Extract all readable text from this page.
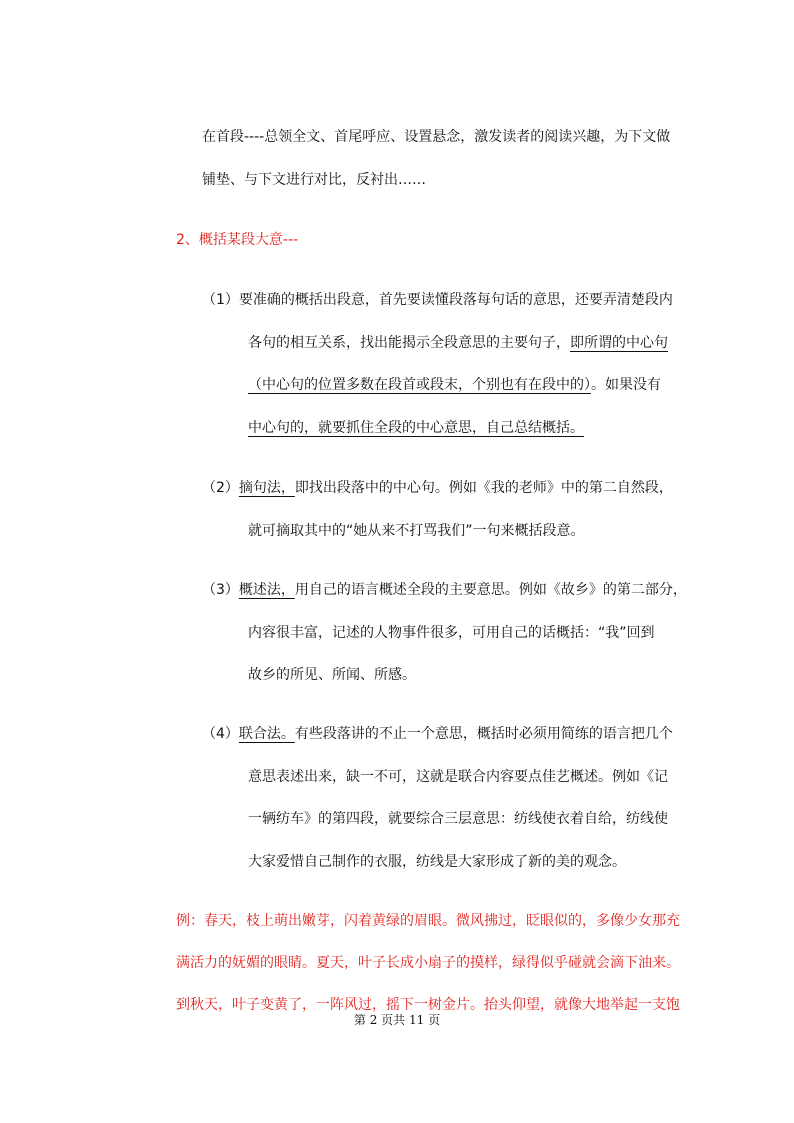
在首段----总领全文、首尾呼应、设置悬念，激发读者的阅读兴趣，为下文做
铺垫、与下文进行对比，反衬出……
2、概括某段大意---
（1）要准确的概括出段意，首先要读懂段落每句话的意思，还要弄清楚段内
各句的相互关系，找出能揭示全段意思的主要句子，即所谓的中心句
（中心句的位置多数在段首或段末，个别也有在段中的）。如果没有
中心句的，就要抓住全段的中心意思，自己总结概括。
（2）摘句法，即找出段落中的中心句。例如《我的老师》中的第二自然段，
就可摘取其中的“她从来不打骂我们”一句来概括段意。
（3）概述法，用自己的语言概述全段的主要意思。例如《故乡》的第二部分，
内容很丰富，记述的人物事件很多，可用自己的话概括：“我”回到
故乡的所见、所闻、所感。
（4）联合法。有些段落讲的不止一个意思，概括时必须用简练的语言把几个
意思表述出来，缺一不可，这就是联合内容要点佳艺概述。例如《记
一辆纺车》的第四段，就要综合三层意思：纺线使衣着自给，纺线使
大家爱惜自己制作的衣服，纺线是大家形成了新的美的观念。
例：春天，枝上萌出嫩芽，闪着黄绿的眉眼。微风拂过，眨眼似的，多像少女那充
满活力的妩媚的眼睛。夏天，叶子长成小扇子的摸样，绿得似乎碰就会滴下油来。
到秋天，叶子变黄了，一阵风过，摇下一树金片。抬头仰望，就像大地举起一支饱
第 2 页共 11 页
